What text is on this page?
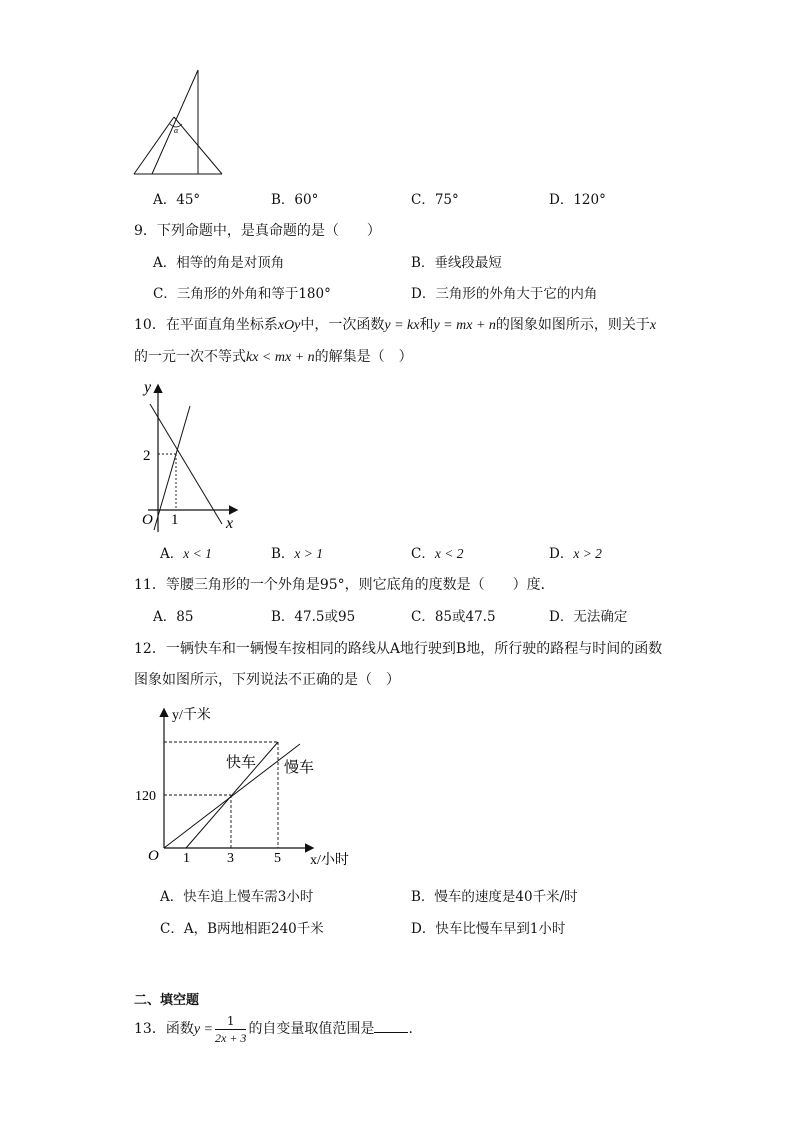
α
A．45°	B．60°	C．75°	D．120°
9．下列命题中，是真命题的是（　　）
A．相等的角是对顶角	B．垂线段最短
C．三角形的外角和等于180°	D．三角形的外角大于它的内角
10．在平面直角坐标系xOy中，一次函数y = kx和y = mx + n的图象如图所示，则关于x
的一元一次不等式kx < mx + n的解集是（　）
y
x
O
2
1
A．x < 1	B．x > 1	C．x < 2	D．x > 2
11．等腰三角形的一个外角是95°，则它底角的度数是（　　）度．
A．85	B．47.5或95	C．85或47.5	D．无法确定
12．一辆快车和一辆慢车按相同的路线从A地行驶到B地，所行驶的路程与时间的函数
图象如图所示，下列说法不正确的是（　）
y/千米
x/小时
O
快车 慢车
120
1	3	5
A．快车追上慢车需3小时	B．慢车的速度是40千米/时
C．A，B两地相距240千米	D．快车比慢车早到1小时
二、填空题
13．函数$y = \frac{1}{2x + 3}$ 的自变量取值范围是 .
